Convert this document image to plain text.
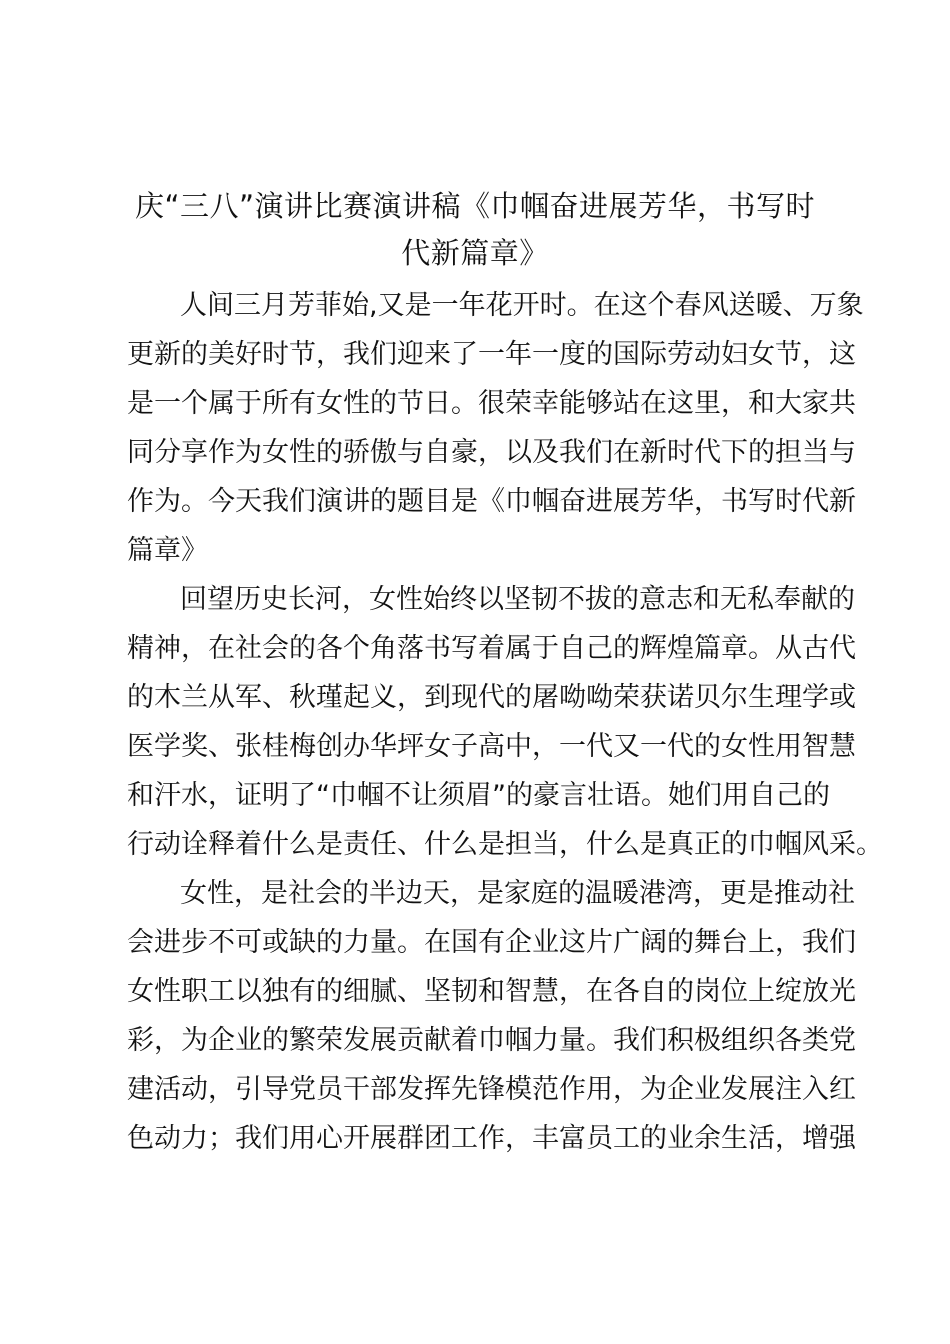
庆“三八”演讲比赛演讲稿《巾帼奋进展芳华，书写时
代新篇章》
人间三月芳菲始,又是一年花开时。在这个春风送暖、万象
更新的美好时节，我们迎来了一年一度的国际劳动妇女节，这
是一个属于所有女性的节日。很荣幸能够站在这里，和大家共
同分享作为女性的骄傲与自豪，以及我们在新时代下的担当与
作为。今天我们演讲的题目是《巾帼奋进展芳华，书写时代新
篇章》
回望历史长河，女性始终以坚韧不拔的意志和无私奉献的
精神，在社会的各个角落书写着属于自己的辉煌篇章。从古代
的木兰从军、秋瑾起义，到现代的屠呦呦荣获诺贝尔生理学或
医学奖、张桂梅创办华坪女子高中，一代又一代的女性用智慧
和汗水，证明了“巾帼不让须眉”的豪言壮语。她们用自己的
行动诠释着什么是责任、什么是担当，什么是真正的巾帼风采。
女性，是社会的半边天，是家庭的温暖港湾，更是推动社
会进步不可或缺的力量。在国有企业这片广阔的舞台上，我们
女性职工以独有的细腻、坚韧和智慧，在各自的岗位上绽放光
彩，为企业的繁荣发展贡献着巾帼力量。我们积极组织各类党
建活动，引导党员干部发挥先锋模范作用，为企业发展注入红
色动力；我们用心开展群团工作，丰富员工的业余生活，增强
